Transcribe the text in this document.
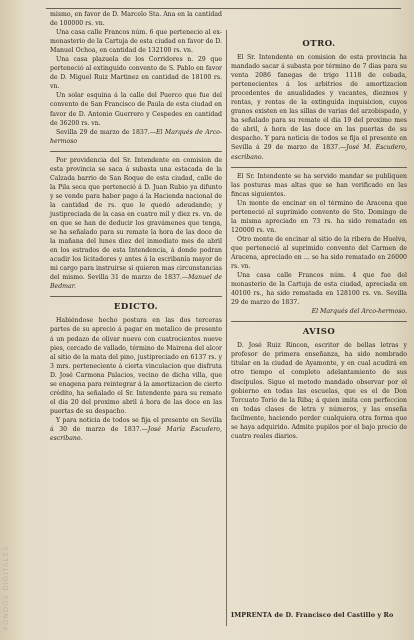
mismo, en favor de D. Marcelo Sta. Ana en la cantidad de 100000 rs. vn.

Una casa calle Francos núm. 6 que pertenecio al ex-monasterio de la Cartuja de esta ciudad en favor de D. Manuel Ochoa, en cantidad de 132100 rs. vn.

Una casa plazuela de los Corridores n. 29 que perteneció al extinguido convento de S. Pablo en favor de D. Miguel Ruiz Martinez en cantidad de 18100 rs. vn.

Un solar esquina á la calle del Puerco que fue del convento de San Francisco de Paula de esta ciudad en favor de D. Antonio Guerrero y Cespedes en cantidad de 36200 rs. vn.

Sevilla 29 de marzo de 1837.—El Marqués de Arco-hermoso

Por providencia del Sr. Intendente en comision de esta provincia se saca á subasta una estacada de la Calzada barrio de San Roque de esta ciudad, calle de la Pila seca que perteneció á D. Juan Rubio ya difunto y se vende para haber pago á la Hacienda nacional de la cantidad de rs. que le quedó adeudando; y justipreciada de la casa en cuatro mil y diez rs. vn. de en que se han de deducir los gravámenes que tenga, se ha señalado para su remate la hora de las doce de la mañana del lunes diez del inmediato mes de abril en los estrados de esta Intendencia, á donde podran acudir los licitadores y antes á la escribanía mayor de mi cargo para instruirse si quieren mas circunstancias del mismo. Sevilla 31 de marzo de 1837.—Manuel de Bedmar.

EDICTO.

Habiéndose hecho postura en las dos terceras partes de su aprecio á pagar en metalico de presente á un pedazo de olivar nuevo con cuatrocientos nueve pies, cercado de vallado, término de Mairena del alcor al sitio de la mata del pino, justipreciado en 6137 rs. y 3 mrs. perteneciente á cierta vinculacion que disfruta D. José Carmona Palacios, vecino de dicha villa, que se enagena para reintegrar á la amortizacion de cierto crédito, ha señalado el Sr. Intendente para su remate el dia 20 del proximo abril á hora de las doce en las puertas de su despacho.

Y para noticia de todos se fija el presente en Sevilla á 30 de marzo de 1837.—José María Escudero, escribano.

OTRO.

El Sr. Intendente en comision de esta provincia ha mandado sacar á subasta por término de 7 dias para su venta 2086 fanegas de trigo 1118 de cebada, pertenecientes á los arbitrios de amortizacion procedentes de anualidades y vacantes, diezmos y rentas, y rentas de la extinguida inquisicion, cuyos granos existen en las sillas de varias del arzobispado, y ha señalado para su remate el dia 19 del proximo mes de abril, á hora de las doce en las puertas de su despacho. Y para noticia de todos se fija el presente en Sevilla á 29 de marzo de 1837.—José M. Escudero, escribano.

El Sr. Intendente se ha servido mandar se publiquen las posturas mas altas que se han verificado en las fincas siguientes.

Un monte de encinar en el término de Aracena que perteneció al suprimido convento de Sto. Domingo de la misma apreciado en 73 rs. ha sido rematado en 120000 rs. vn.

Otro monte de encinar al sitio de la ribera de Huelva, que perteneció al suprimido convento del Carmen de Aracena, apreciado en ... se ha sido rematado en 26000 rs. vn.

Una casa calle Francos núm. 4 que fue del monasterio de la Cartuja de esta ciudad, apreciada en 40100 rs., ha sido rematada en 128100 rs. vn. Sevilla 29 de marzo de 1837.

El Marqués del Arco-hermoso.

AVISO

D. José Ruiz Rincon, escritor de bellas letras y profesor de primera enseñanza, ha sido nombrado titular en la ciudad de Ayamonte, y en cual acudirá en otro tiempo el completo adelantamiento de sus discípulos. Sigue el metodo mandado observar por el gobierno en todas las escuelas, que es el de Don Torcuato Torio de la Riba; á quien imita con perfeccion en todas clases de letra y números, y las enseña facilmente, haciendo perder cualquiera otra forma que se haya adquirido. Admite pupilos por el bajo precio de cuatro reales diarios.

IMPRENTA de D. Francisco del Castillo y Ro
FONDOS DIGITALES
